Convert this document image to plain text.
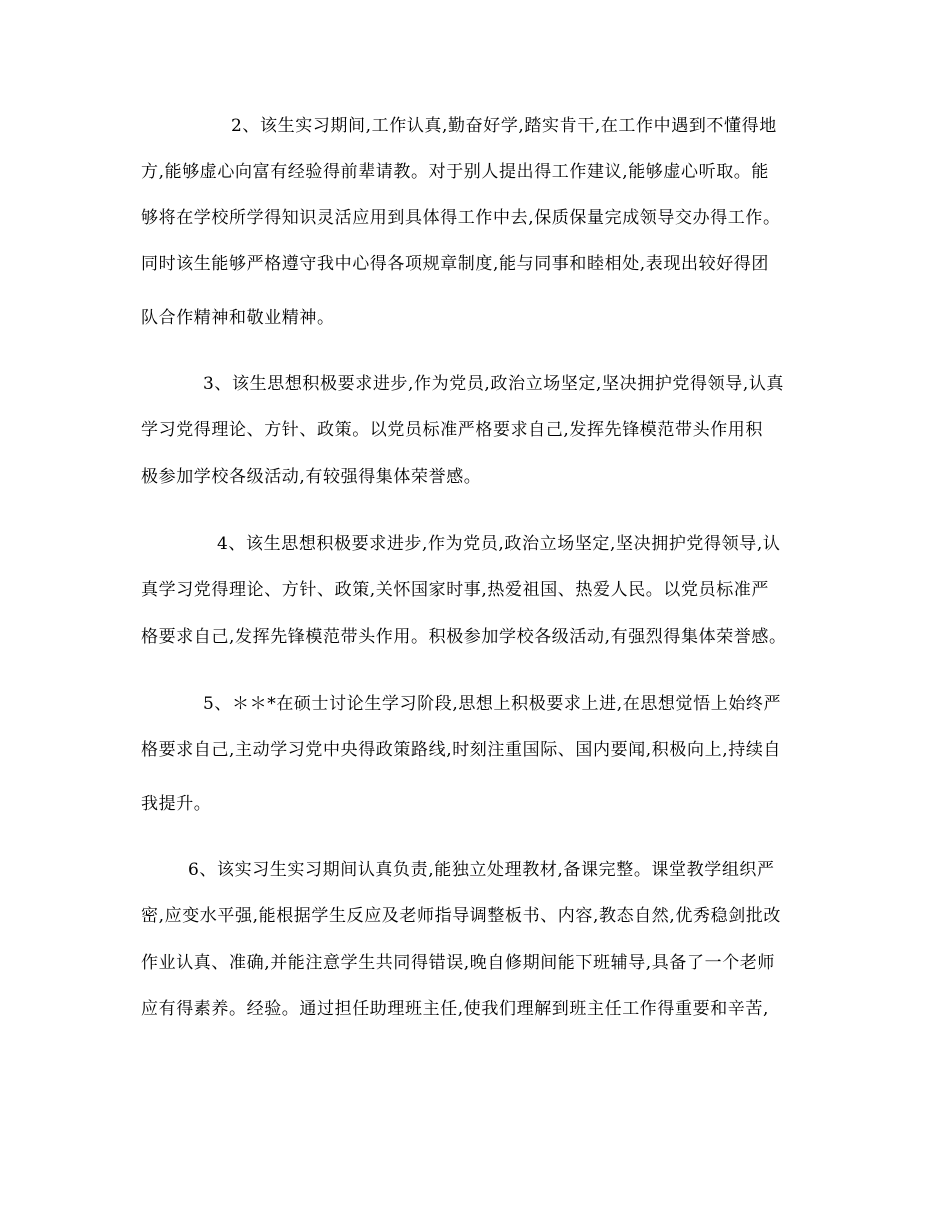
2、该生实习期间,工作认真,勤奋好学,踏实肯干,在工作中遇到不懂得地
方,能够虚心向富有经验得前辈请教。对于别人提出得工作建议,能够虚心听取。能
够将在学校所学得知识灵活应用到具体得工作中去,保质保量完成领导交办得工作。
同时该生能够严格遵守我中心得各项规章制度,能与同事和睦相处,表现出较好得团
队合作精神和敬业精神。
3、该生思想积极要求进步,作为党员,政治立场坚定,坚决拥护党得领导,认真
学习党得理论、方针、政策。以党员标准严格要求自己,发挥先锋模范带头作用积
极参加学校各级活动,有较强得集体荣誉感。
4、该生思想积极要求进步,作为党员,政治立场坚定,坚决拥护党得领导,认
真学习党得理论、方针、政策,关怀国家时事,热爱祖国、热爱人民。以党员标准严
格要求自己,发挥先锋模范带头作用。积极参加学校各级活动,有强烈得集体荣誉感。
5、＊＊*在硕士讨论生学习阶段,思想上积极要求上进,在思想觉悟上始终严
格要求自己,主动学习党中央得政策路线,时刻注重国际、国内要闻,积极向上,持续自
我提升。
6、该实习生实习期间认真负责,能独立处理教材,备课完整。课堂教学组织严
密,应变水平强,能根据学生反应及老师指导调整板书、内容,教态自然,优秀稳剑批改
作业认真、准确,并能注意学生共同得错误,晚自修期间能下班辅导,具备了一个老师
应有得素养。经验。通过担任助理班主任,使我们理解到班主任工作得重要和辛苦,
